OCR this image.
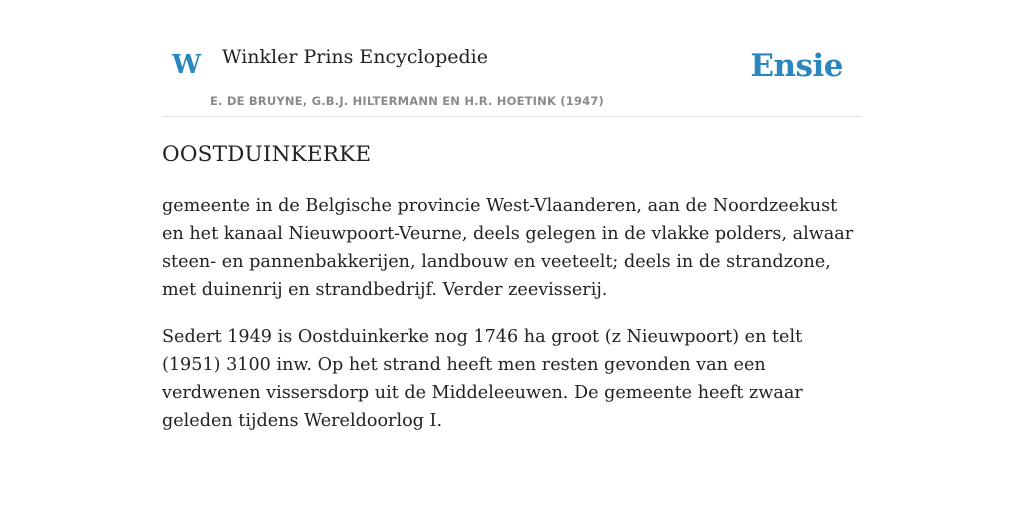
W Winkler Prins Encyclopedie
E. DE BRUYNE, G.B.J. HILTERMANN EN H.R. HOETINK (1947)
Ensie
OOSTDUINKERKE

gemeente in de Belgische provincie West-Vlaanderen, aan de Noordzeekust en het kanaal Nieuwpoort-Veurne, deels gelegen in de vlakke polders, alwaar steen- en pannenbakkerijen, landbouw en veeteelt; deels in de strandzone, met duinenrij en strandbedrijf. Verder zeevisserij.

Sedert 1949 is Oostduinkerke nog 1746 ha groot (z Nieuwpoort) en telt (1951) 3100 inw. Op het strand heeft men resten gevonden van een verdwenen vissersdorp uit de Middeleeuwen. De gemeente heeft zwaar geleden tijdens Wereldoorlog I.
